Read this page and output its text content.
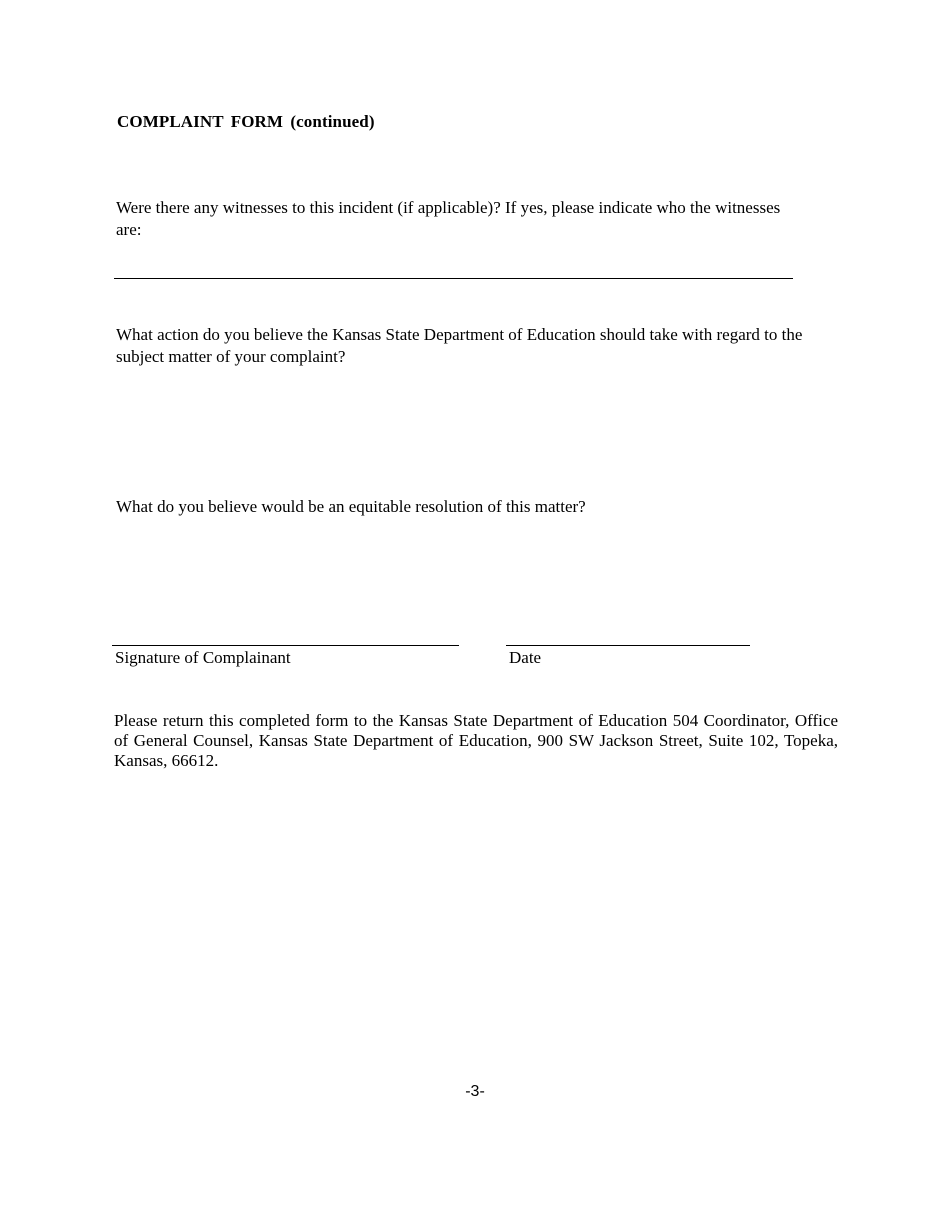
COMPLAINT FORM (continued)
Were there any witnesses to this incident (if applicable)? If yes, please indicate who the witnesses are:
What action do you believe the Kansas State Department of Education should take with regard to the subject matter of your complaint?
What do you believe would be an equitable resolution of this matter?
Signature of Complainant	Date
Please return this completed form to the Kansas State Department of Education 504 Coordinator, Office of General Counsel, Kansas State Department of Education, 900 SW Jackson Street, Suite 102, Topeka, Kansas, 66612.
-3-
